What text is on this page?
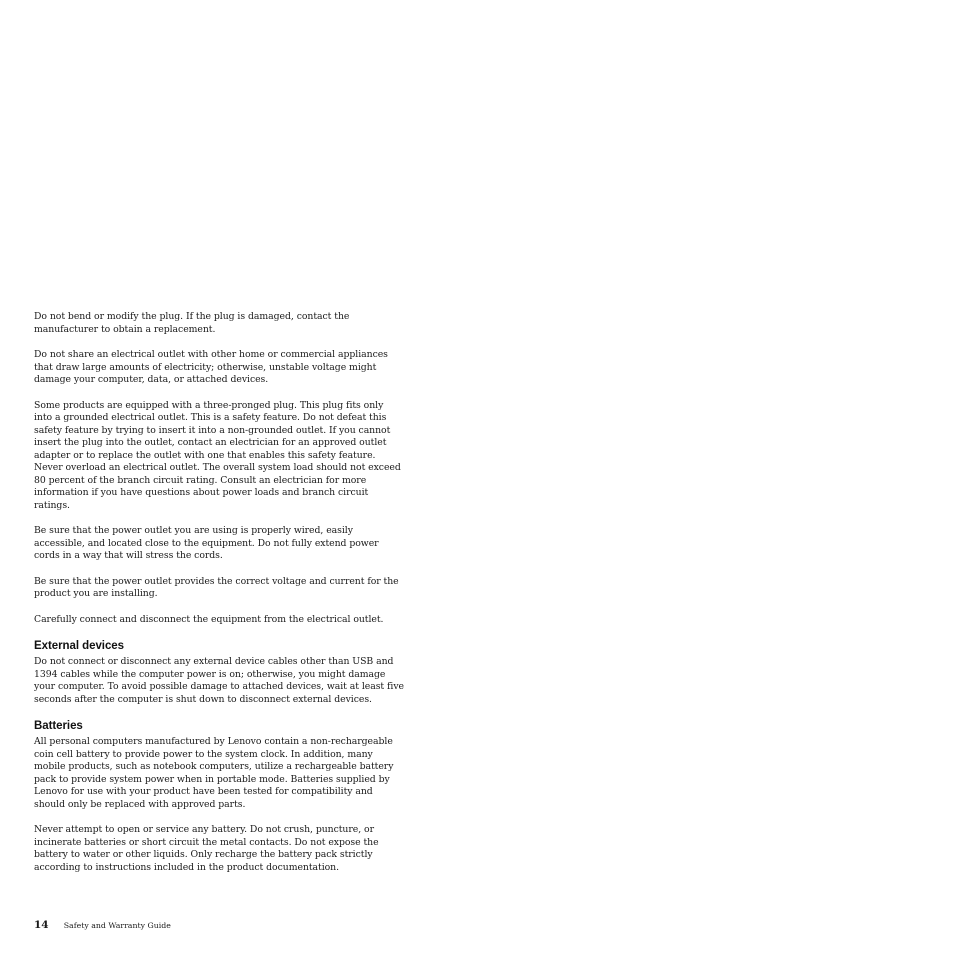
Do not bend or modify the plug. If the plug is damaged, contact the manufacturer to obtain a replacement.

Do not share an electrical outlet with other home or commercial appliances that draw large amounts of electricity; otherwise, unstable voltage might damage your computer, data, or attached devices.

Some products are equipped with a three-pronged plug. This plug fits only into a grounded electrical outlet. This is a safety feature. Do not defeat this safety feature by trying to insert it into a non-grounded outlet. If you cannot insert the plug into the outlet, contact an electrician for an approved outlet adapter or to replace the outlet with one that enables this safety feature. Never overload an electrical outlet. The overall system load should not exceed 80 percent of the branch circuit rating. Consult an electrician for more information if you have questions about power loads and branch circuit ratings.

Be sure that the power outlet you are using is properly wired, easily accessible, and located close to the equipment. Do not fully extend power cords in a way that will stress the cords.

Be sure that the power outlet provides the correct voltage and current for the product you are installing.

Carefully connect and disconnect the equipment from the electrical outlet.

External devices

Do not connect or disconnect any external device cables other than USB and 1394 cables while the computer power is on; otherwise, you might damage your computer. To avoid possible damage to attached devices, wait at least five seconds after the computer is shut down to disconnect external devices.

Batteries

All personal computers manufactured by Lenovo contain a non-rechargeable coin cell battery to provide power to the system clock. In addition, many mobile products, such as notebook computers, utilize a rechargeable battery pack to provide system power when in portable mode. Batteries supplied by Lenovo for use with your product have been tested for compatibility and should only be replaced with approved parts.

Never attempt to open or service any battery. Do not crush, puncture, or incinerate batteries or short circuit the metal contacts. Do not expose the battery to water or other liquids. Only recharge the battery pack strictly according to instructions included in the product documentation.

14 Safety and Warranty Guide
